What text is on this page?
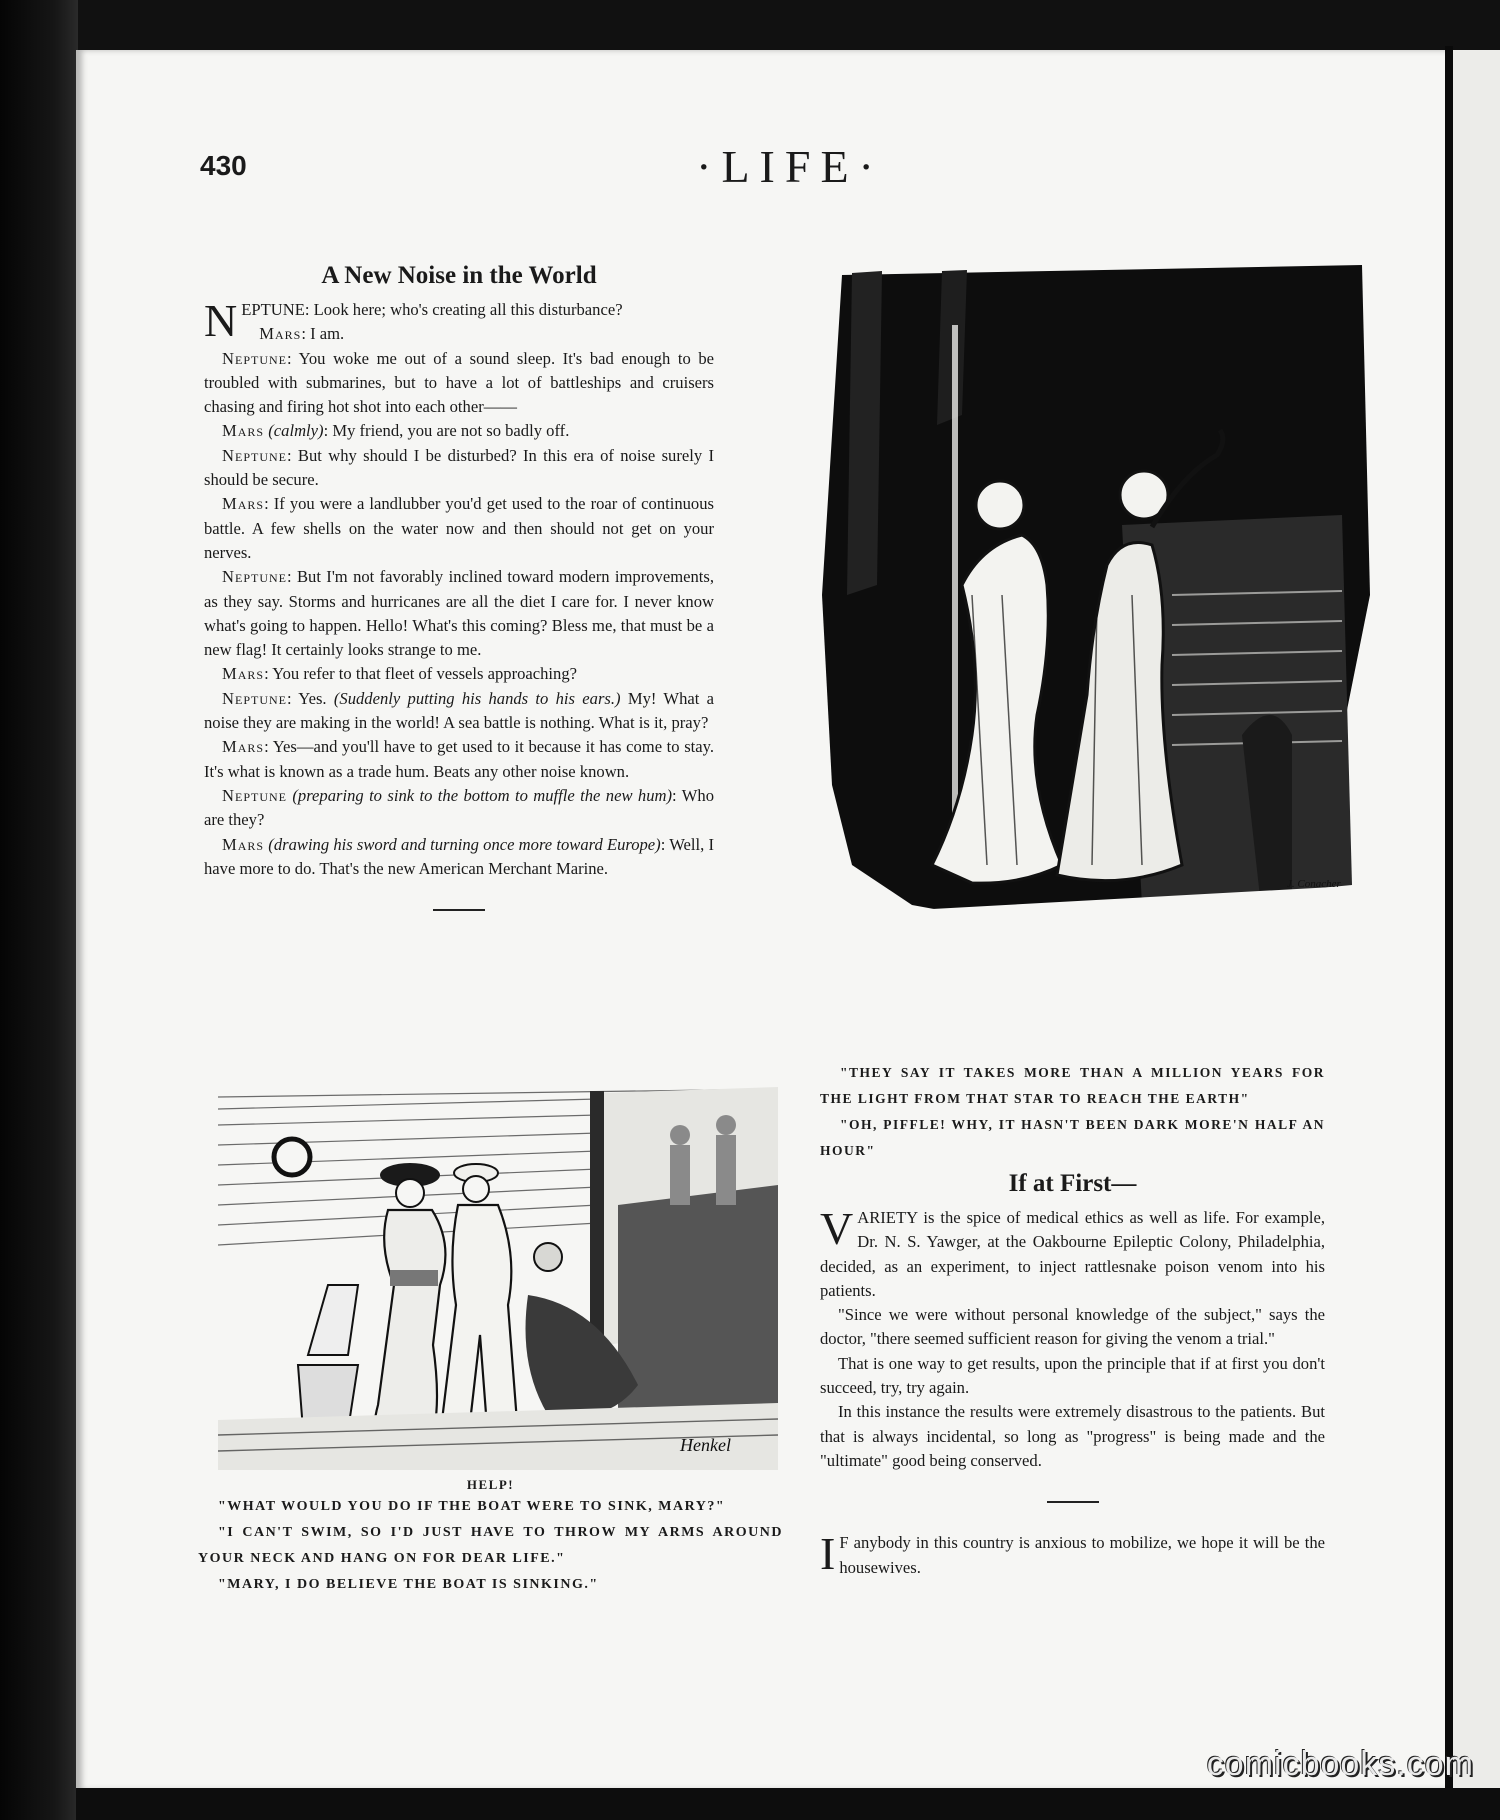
430	·LIFE·
A New Noise in the World

NEPTUNE: Look here; who's creating all this disturbance?

Mars: I am.

Neptune: You woke me out of a sound sleep. It's bad enough to be troubled with submarines, but to have a lot of battleships and cruisers chasing and firing hot shot into each other——

Mars (calmly): My friend, you are not so badly off.

Neptune: But why should I be disturbed? In this era of noise surely I should be secure.

Mars: If you were a landlubber you'd get used to the roar of continuous battle. A few shells on the water now and then should not get on your nerves.

Neptune: But I'm not favorably inclined toward modern improvements, as they say. Storms and hurricanes are all the diet I care for. I never know what's going to happen. Hello! What's this coming? Bless me, that must be a new flag! It certainly looks strange to me.

Mars: You refer to that fleet of vessels approaching?

Neptune: Yes. (Suddenly putting his hands to his ears.) My! What a noise they are making in the world! A sea battle is nothing. What is it, pray?

Mars: Yes—and you'll have to get used to it because it has come to stay. It's what is known as a trade hum. Beats any other noise known.

Neptune (preparing to sink to the bottom to muffle the new hum): Who are they?

Mars (drawing his sword and turning once more toward Europe): Well, I have more to do. That's the new American Merchant Marine.

J. Conacher

"THEY SAY IT TAKES MORE THAN A MILLION YEARS FOR THE LIGHT FROM THAT STAR TO REACH THE EARTH"

"OH, PIFFLE! WHY, IT HASN'T BEEN DARK MORE'N HALF AN HOUR"

Henkel
HELP!

"WHAT WOULD YOU DO IF THE BOAT WERE TO SINK, MARY?"

"I CAN'T SWIM, SO I'D JUST HAVE TO THROW MY ARMS AROUND YOUR NECK AND HANG ON FOR DEAR LIFE."

"MARY, I DO BELIEVE THE BOAT IS SINKING."

If at First—

VARIETY is the spice of medical ethics as well as life. For example, Dr. N. S. Yawger, at the Oakbourne Epileptic Colony, Philadelphia, decided, as an experiment, to inject rattlesnake poison venom into his patients.

"Since we were without personal knowledge of the subject," says the doctor, "there seemed sufficient reason for giving the venom a trial."

That is one way to get results, upon the principle that if at first you don't succeed, try, try again.

In this instance the results were extremely disastrous to the patients. But that is always incidental, so long as "progress" is being made and the "ultimate" good being conserved.

I F anybody in this country is anxious to mobilize, we hope it will be the housewives.

comicbooks.com
